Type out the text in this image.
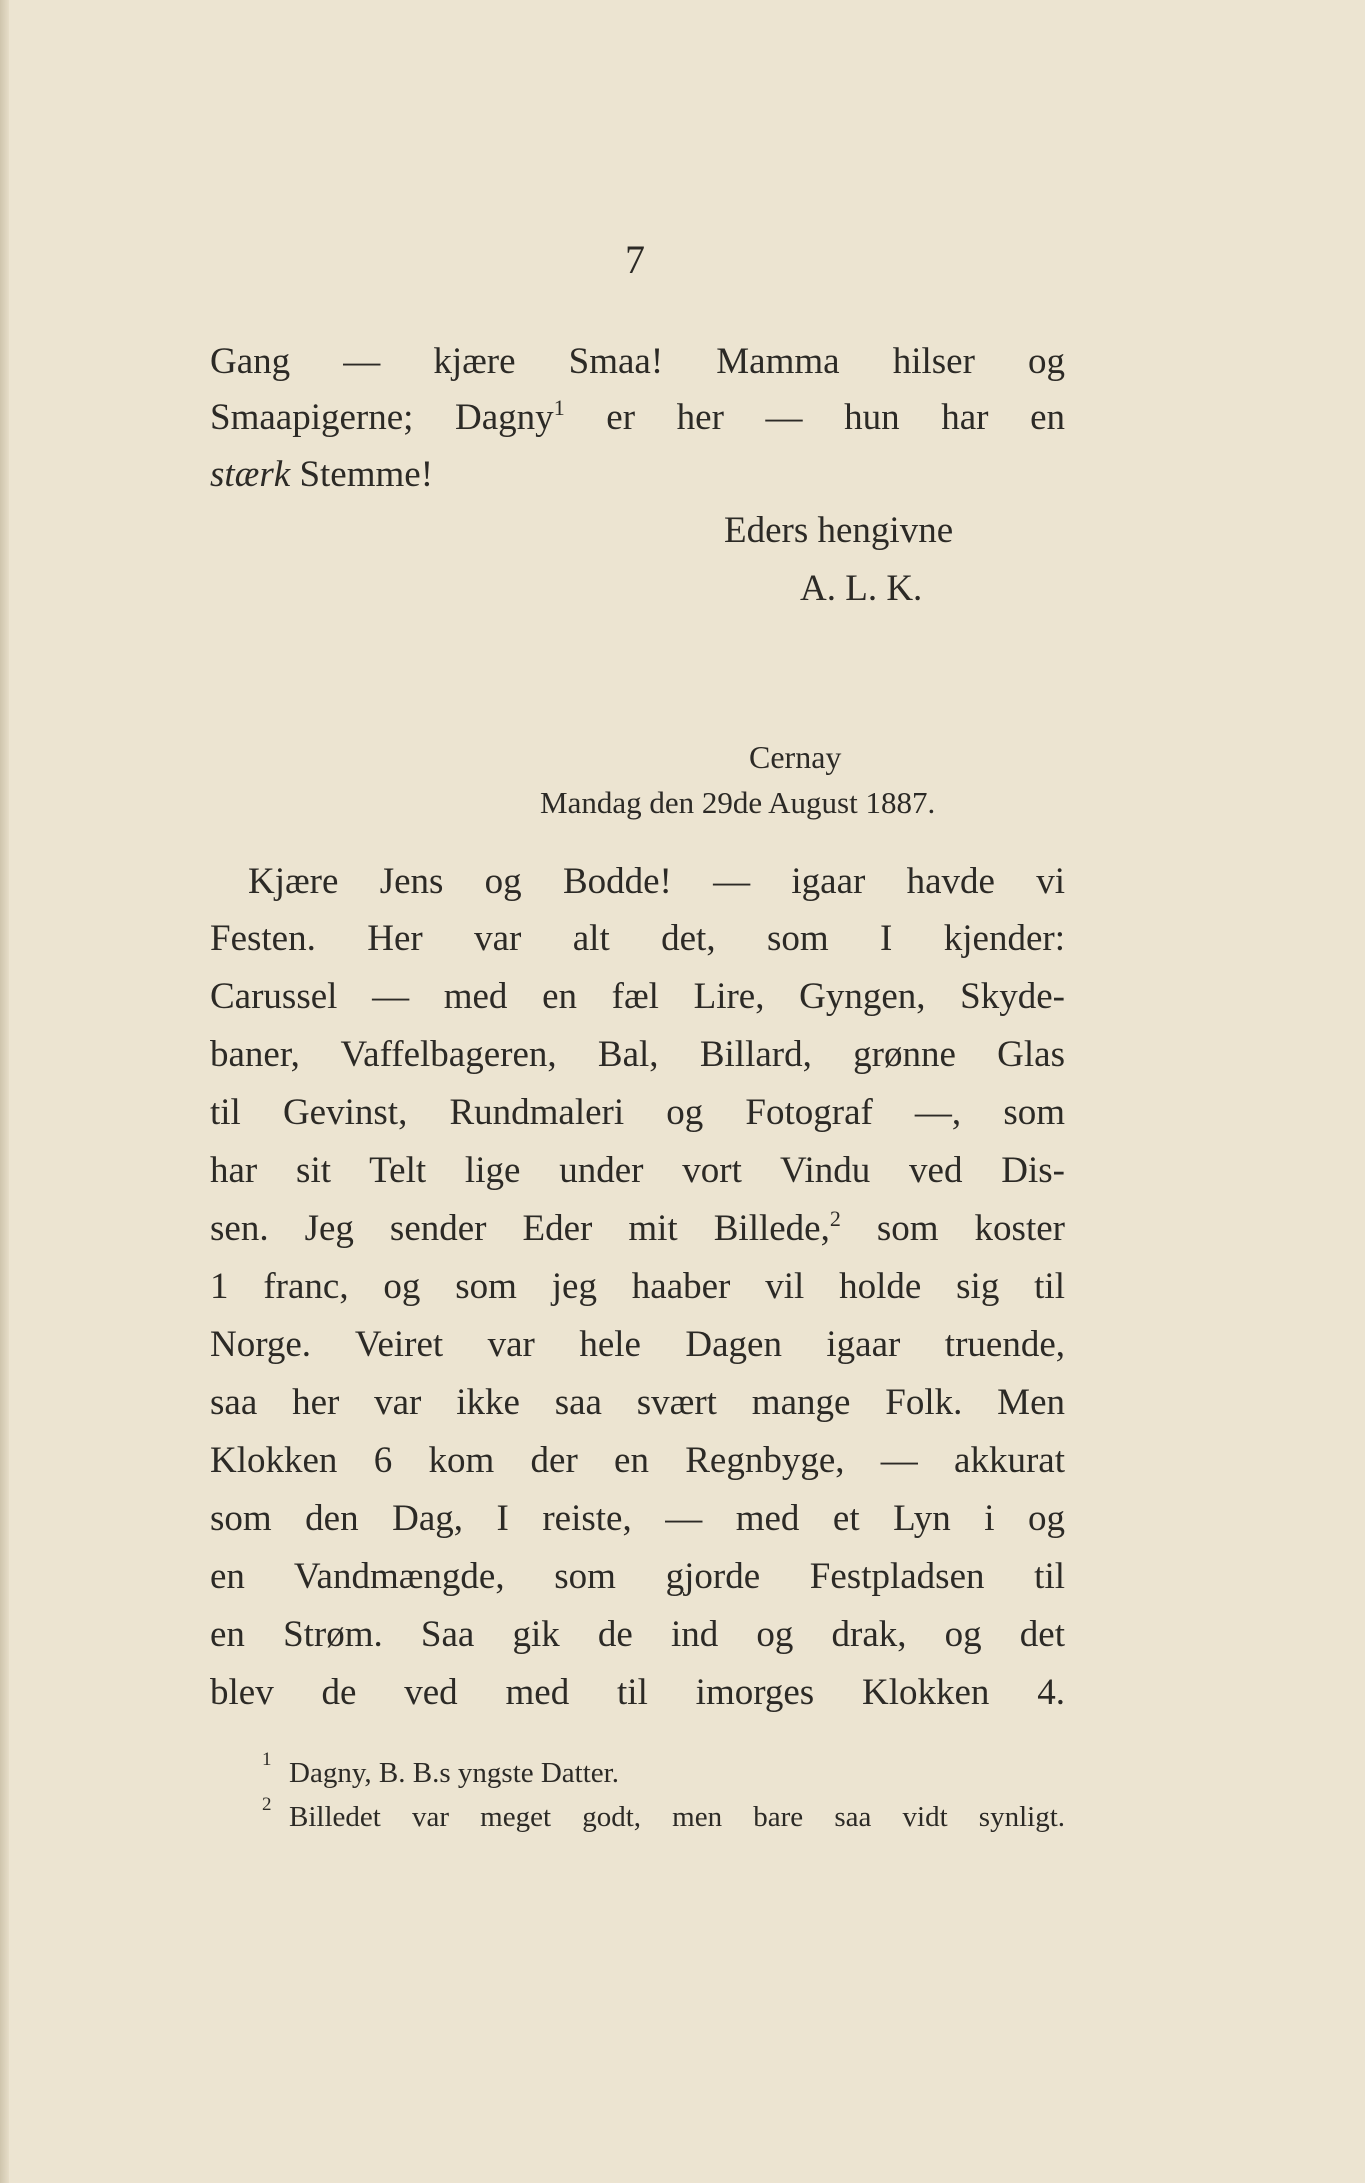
7
Gang — kjære Smaa! Mamma hilser og
Smaapigerne; Dagny$^1$ er her — hun har en
stærk Stemme!
Eders hengivne
A. L. K.
Cernay
Mandag den 29de August 1887.
Kjære Jens og Bodde! — igaar havde vi
Festen. Her var alt det, som I kjender:
Carussel — med en fæl Lire, Gyngen, Skyde-
baner, Vaffelbageren, Bal, Billard, grønne Glas
til Gevinst, Rundmaleri og Fotograf —, som
har sit Telt lige under vort Vindu ved Dis-
sen. Jeg sender Eder mit Billede,$^2$ som koster
1 franc, og som jeg haaber vil holde sig til
Norge. Veiret var hele Dagen igaar truende,
saa her var ikke saa svært mange Folk. Men
Klokken 6 kom der en Regnbyge, — akkurat
som den Dag, I reiste, — med et Lyn i og
en Vandmængde, som gjorde Festpladsen til
en Strøm. Saa gik de ind og drak, og det
blev de ved med til imorges Klokken 4.
1 Dagny, B. B.s yngste Datter.
2 Billedet var meget godt, men bare saa vidt synligt.
